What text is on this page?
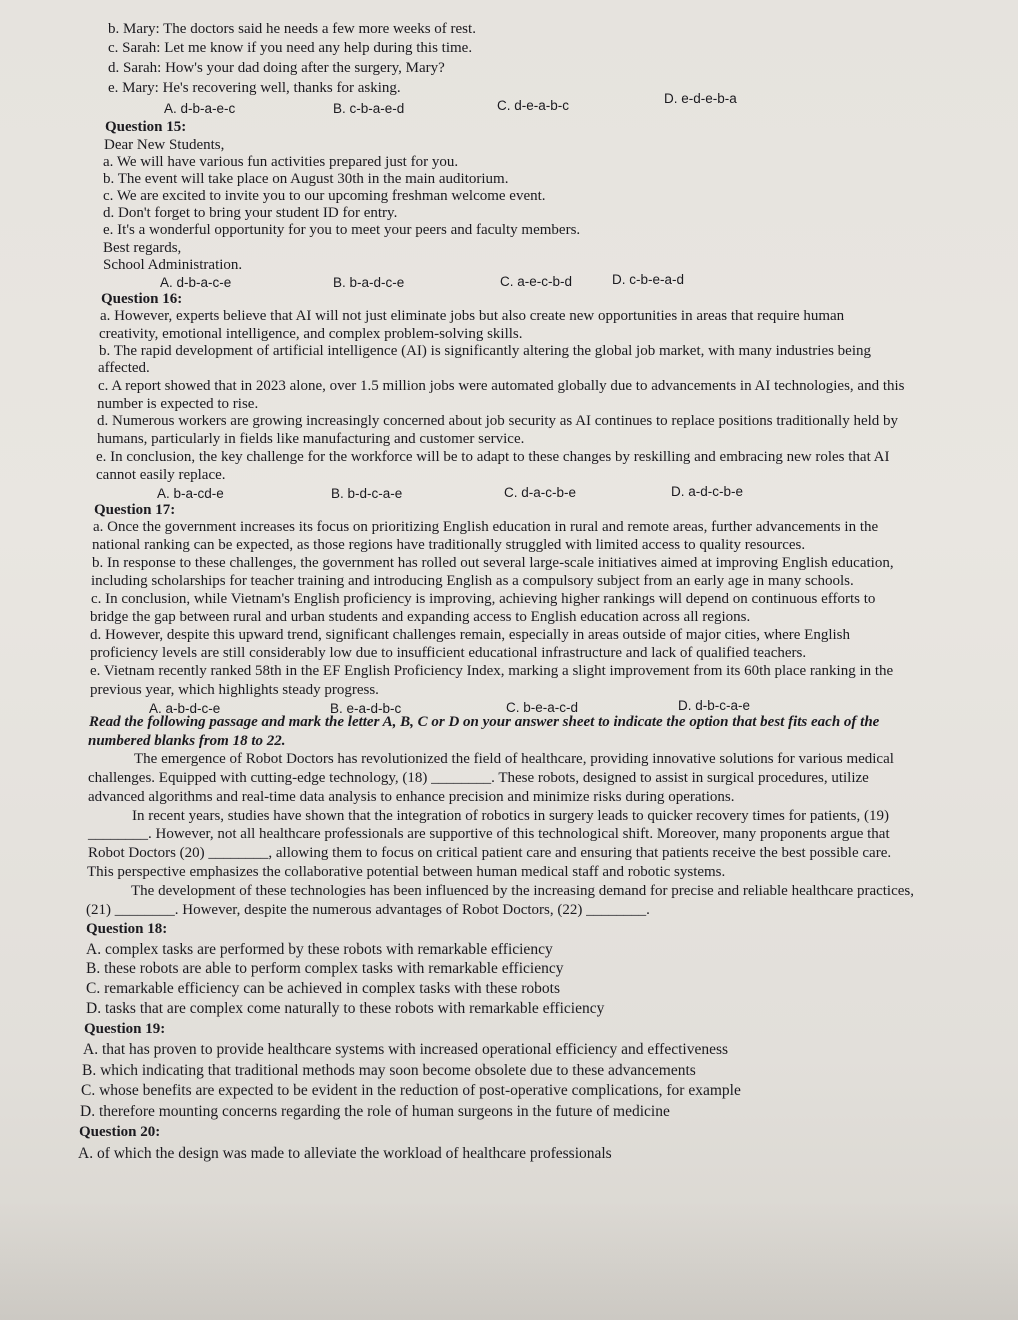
b. Mary: The doctors said he needs a few more weeks of rest.
c. Sarah: Let me know if you need any help during this time.
d. Sarah: How's your dad doing after the surgery, Mary?
e. Mary: He's recovering well, thanks for asking.
A. d-b-a-e-c	B. c-b-a-e-d	C. d-e-a-b-c	D. e-d-e-b-a
Question 15:
Dear New Students,
a. We will have various fun activities prepared just for you.
b. The event will take place on August 30th in the main auditorium.
c. We are excited to invite you to our upcoming freshman welcome event.
d. Don't forget to bring your student ID for entry.
e. It's a wonderful opportunity for you to meet your peers and faculty members.
Best regards,
School Administration.
A. d-b-a-c-e	B. b-a-d-c-e	C. a-e-c-b-d	D. c-b-e-a-d
Question 16:
a. However, experts believe that AI will not just eliminate jobs but also create new opportunities in areas that require human
creativity, emotional intelligence, and complex problem-solving skills.
b. The rapid development of artificial intelligence (AI) is significantly altering the global job market, with many industries being
affected.
c. A report showed that in 2023 alone, over 1.5 million jobs were automated globally due to advancements in AI technologies, and this
number is expected to rise.
d. Numerous workers are growing increasingly concerned about job security as AI continues to replace positions traditionally held by
humans, particularly in fields like manufacturing and customer service.
e. In conclusion, the key challenge for the workforce will be to adapt to these changes by reskilling and embracing new roles that AI
cannot easily replace.
A. b-a-cd-e	B. b-d-c-a-e	C. d-a-c-b-e	D. a-d-c-b-e
Question 17:
a. Once the government increases its focus on prioritizing English education in rural and remote areas, further advancements in the
national ranking can be expected, as those regions have traditionally struggled with limited access to quality resources.
b. In response to these challenges, the government has rolled out several large-scale initiatives aimed at improving English education,
including scholarships for teacher training and introducing English as a compulsory subject from an early age in many schools.
c. In conclusion, while Vietnam's English proficiency is improving, achieving higher rankings will depend on continuous efforts to
bridge the gap between rural and urban students and expanding access to English education across all regions.
d. However, despite this upward trend, significant challenges remain, especially in areas outside of major cities, where English
proficiency levels are still considerably low due to insufficient educational infrastructure and lack of qualified teachers.
e. Vietnam recently ranked 58th in the EF English Proficiency Index, marking a slight improvement from its 60th place ranking in the
previous year, which highlights steady progress.
A. a-b-d-c-e	B. e-a-d-b-c	C. b-e-a-c-d	D. d-b-c-a-e
Read the following passage and mark the letter A, B, C or D on your answer sheet to indicate the option that best fits each of the
numbered blanks from 18 to 22.
The emergence of Robot Doctors has revolutionized the field of healthcare, providing innovative solutions for various medical
challenges. Equipped with cutting-edge technology, (18) ________. These robots, designed to assist in surgical procedures, utilize
advanced algorithms and real-time data analysis to enhance precision and minimize risks during operations.
In recent years, studies have shown that the integration of robotics in surgery leads to quicker recovery times for patients, (19)
________. However, not all healthcare professionals are supportive of this technological shift. Moreover, many proponents argue that
Robot Doctors (20) ________, allowing them to focus on critical patient care and ensuring that patients receive the best possible care.
This perspective emphasizes the collaborative potential between human medical staff and robotic systems.
The development of these technologies has been influenced by the increasing demand for precise and reliable healthcare practices,
(21) ________. However, despite the numerous advantages of Robot Doctors, (22) ________.
Question 18:
A. complex tasks are performed by these robots with remarkable efficiency
B. these robots are able to perform complex tasks with remarkable efficiency
C. remarkable efficiency can be achieved in complex tasks with these robots
D. tasks that are complex come naturally to these robots with remarkable efficiency
Question 19:
A. that has proven to provide healthcare systems with increased operational efficiency and effectiveness
B. which indicating that traditional methods may soon become obsolete due to these advancements
C. whose benefits are expected to be evident in the reduction of post-operative complications, for example
D. therefore mounting concerns regarding the role of human surgeons in the future of medicine
Question 20:
A. of which the design was made to alleviate the workload of healthcare professionals
